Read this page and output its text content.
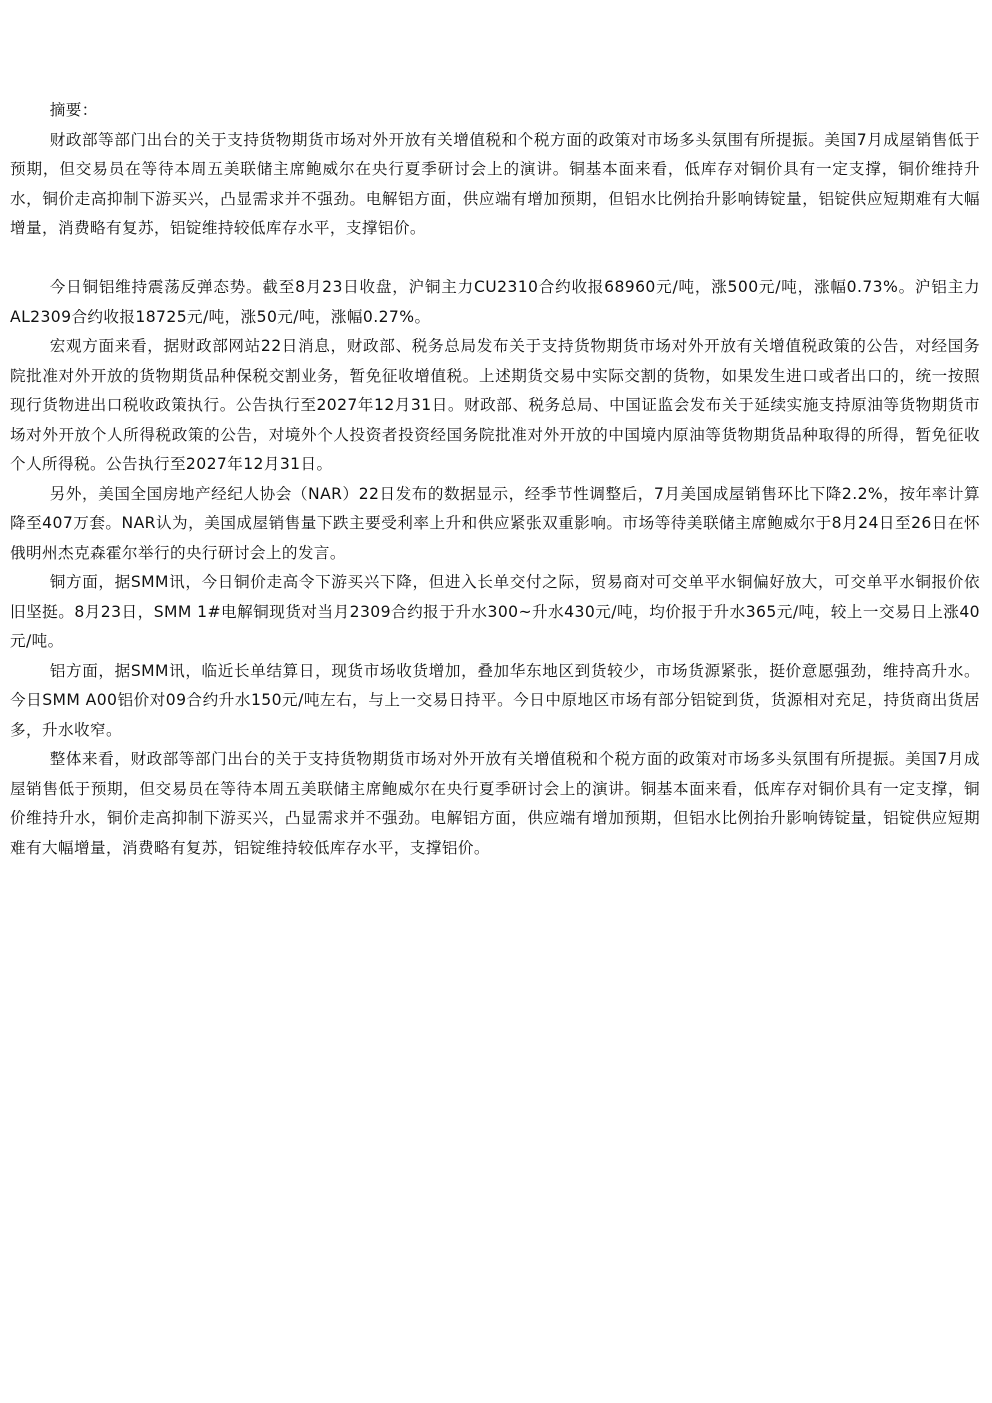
摘要：

财政部等部门出台的关于支持货物期货市场对外开放有关增值税和个税方面的政策对市场多头氛围有所提振。美国7月成屋销售低于预期，但交易员在等待本周五美联储主席鲍威尔在央行夏季研讨会上的演讲。铜基本面来看，低库存对铜价具有一定支撑，铜价维持升水，铜价走高抑制下游买兴，凸显需求并不强劲。电解铝方面，供应端有增加预期，但铝水比例抬升影响铸锭量，铝锭供应短期难有大幅增量，消费略有复苏，铝锭维持较低库存水平，支撑铝价。

今日铜铝维持震荡反弹态势。截至8月23日收盘，沪铜主力CU2310合约收报68960元/吨，涨500元/吨，涨幅0.73%。沪铝主力AL2309合约收报18725元/吨，涨50元/吨，涨幅0.27%。

宏观方面来看，据财政部网站22日消息，财政部、税务总局发布关于支持货物期货市场对外开放有关增值税政策的公告，对经国务院批准对外开放的货物期货品种保税交割业务，暂免征收增值税。上述期货交易中实际交割的货物，如果发生进口或者出口的，统一按照现行货物进出口税收政策执行。公告执行至2027年12月31日。财政部、税务总局、中国证监会发布关于延续实施支持原油等货物期货市场对外开放个人所得税政策的公告，对境外个人投资者投资经国务院批准对外开放的中国境内原油等货物期货品种取得的所得，暂免征收个人所得税。公告执行至2027年12月31日。

另外，美国全国房地产经纪人协会（NAR）22日发布的数据显示，经季节性调整后，7月美国成屋销售环比下降2.2%，按年率计算降至407万套。NAR认为，美国成屋销售量下跌主要受利率上升和供应紧张双重影响。市场等待美联储主席鲍威尔于8月24日至26日在怀俄明州杰克森霍尔举行的央行研讨会上的发言。

铜方面，据SMM讯，今日铜价走高令下游买兴下降，但进入长单交付之际，贸易商对可交单平水铜偏好放大，可交单平水铜报价依旧坚挺。8月23日，SMM 1#电解铜现货对当月2309合约报于升水300~升水430元/吨，均价报于升水365元/吨，较上一交易日上涨40元/吨。

铝方面，据SMM讯，临近长单结算日，现货市场收货增加，叠加华东地区到货较少，市场货源紧张，挺价意愿强劲，维持高升水。今日SMM A00铝价对09合约升水150元/吨左右，与上一交易日持平。今日中原地区市场有部分铝锭到货，货源相对充足，持货商出货居多，升水收窄。

整体来看，财政部等部门出台的关于支持货物期货市场对外开放有关增值税和个税方面的政策对市场多头氛围有所提振。美国7月成屋销售低于预期，但交易员在等待本周五美联储主席鲍威尔在央行夏季研讨会上的演讲。铜基本面来看，低库存对铜价具有一定支撑，铜价维持升水，铜价走高抑制下游买兴，凸显需求并不强劲。电解铝方面，供应端有增加预期，但铝水比例抬升影响铸锭量，铝锭供应短期难有大幅增量，消费略有复苏，铝锭维持较低库存水平，支撑铝价。
